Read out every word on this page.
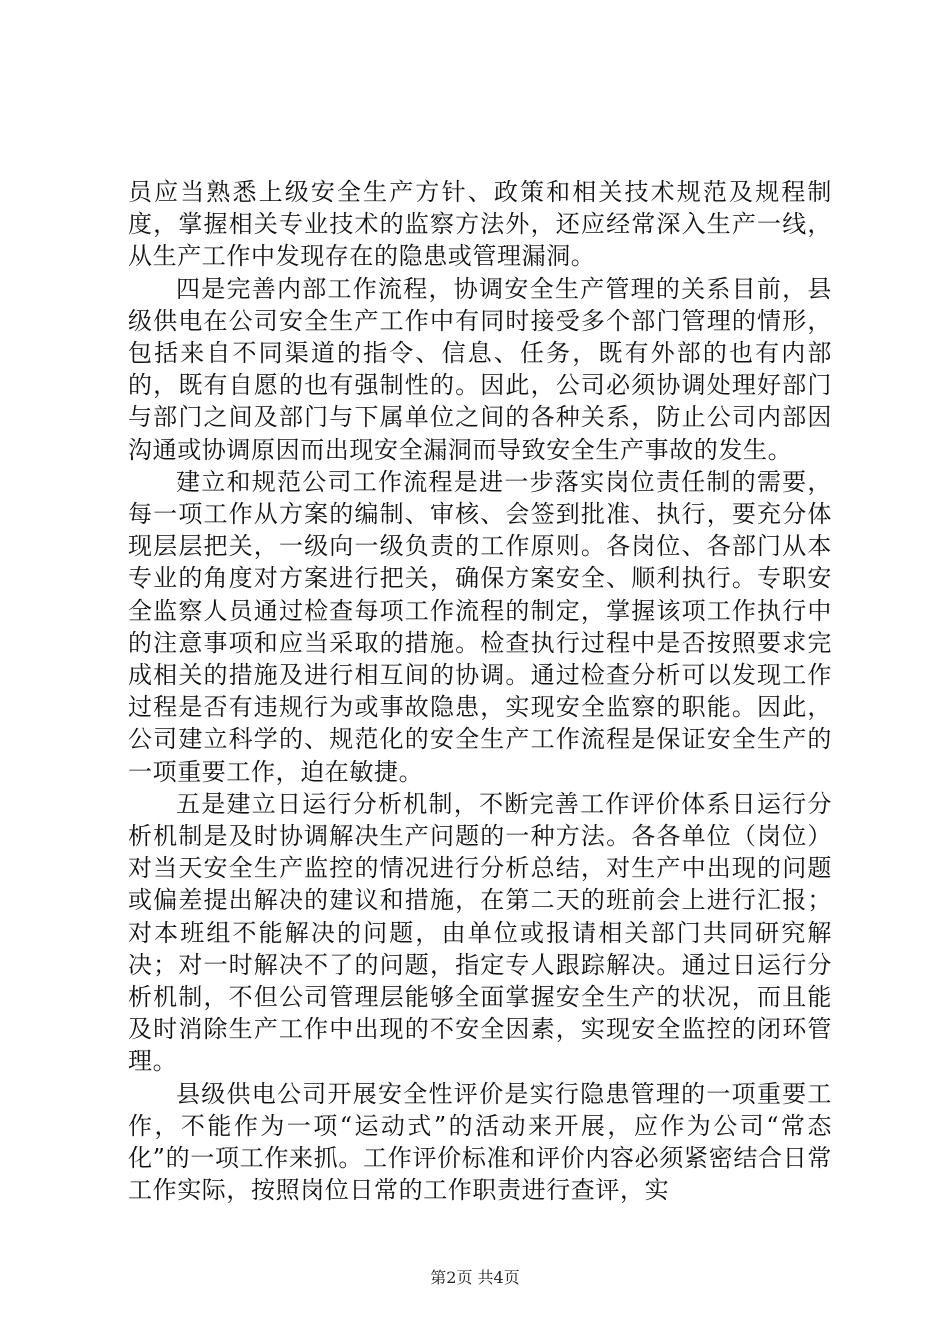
员应当熟悉上级安全生产方针、政策和相关技术规范及规程制度，掌握相关专业技术的监察方法外，还应经常深入生产一线，从生产工作中发现存在的隐患或管理漏洞。

四是完善内部工作流程，协调安全生产管理的关系目前，县级供电在公司安全生产工作中有同时接受多个部门管理的情形，包括来自不同渠道的指令、信息、任务，既有外部的也有内部的，既有自愿的也有强制性的。因此，公司必须协调处理好部门与部门之间及部门与下属单位之间的各种关系，防止公司内部因沟通或协调原因而出现安全漏洞而导致安全生产事故的发生。

建立和规范公司工作流程是进一步落实岗位责任制的需要，每一项工作从方案的编制、审核、会签到批准、执行，要充分体现层层把关，一级向一级负责的工作原则。各岗位、各部门从本专业的角度对方案进行把关，确保方案安全、顺利执行。专职安全监察人员通过检查每项工作流程的制定，掌握该项工作执行中的注意事项和应当采取的措施。检查执行过程中是否按照要求完成相关的措施及进行相互间的协调。通过检查分析可以发现工作过程是否有违规行为或事故隐患，实现安全监察的职能。因此，公司建立科学的、规范化的安全生产工作流程是保证安全生产的一项重要工作，迫在敏捷。

五是建立日运行分析机制，不断完善工作评价体系日运行分析机制是及时协调解决生产问题的一种方法。各各单位（岗位）对当天安全生产监控的情况进行分析总结，对生产中出现的问题或偏差提出解决的建议和措施，在第二天的班前会上进行汇报；对本班组不能解决的问题，由单位或报请相关部门共同研究解决；对一时解决不了的问题，指定专人跟踪解决。通过日运行分析机制，不但公司管理层能够全面掌握安全生产的状况，而且能及时消除生产工作中出现的不安全因素，实现安全监控的闭环管理。

县级供电公司开展安全性评价是实行隐患管理的一项重要工作，不能作为一项“运动式”的活动来开展，应作为公司“常态化”的一项工作来抓。工作评价标准和评价内容必须紧密结合日常工作实际，按照岗位日常的工作职责进行查评，实

第2页 共4页
